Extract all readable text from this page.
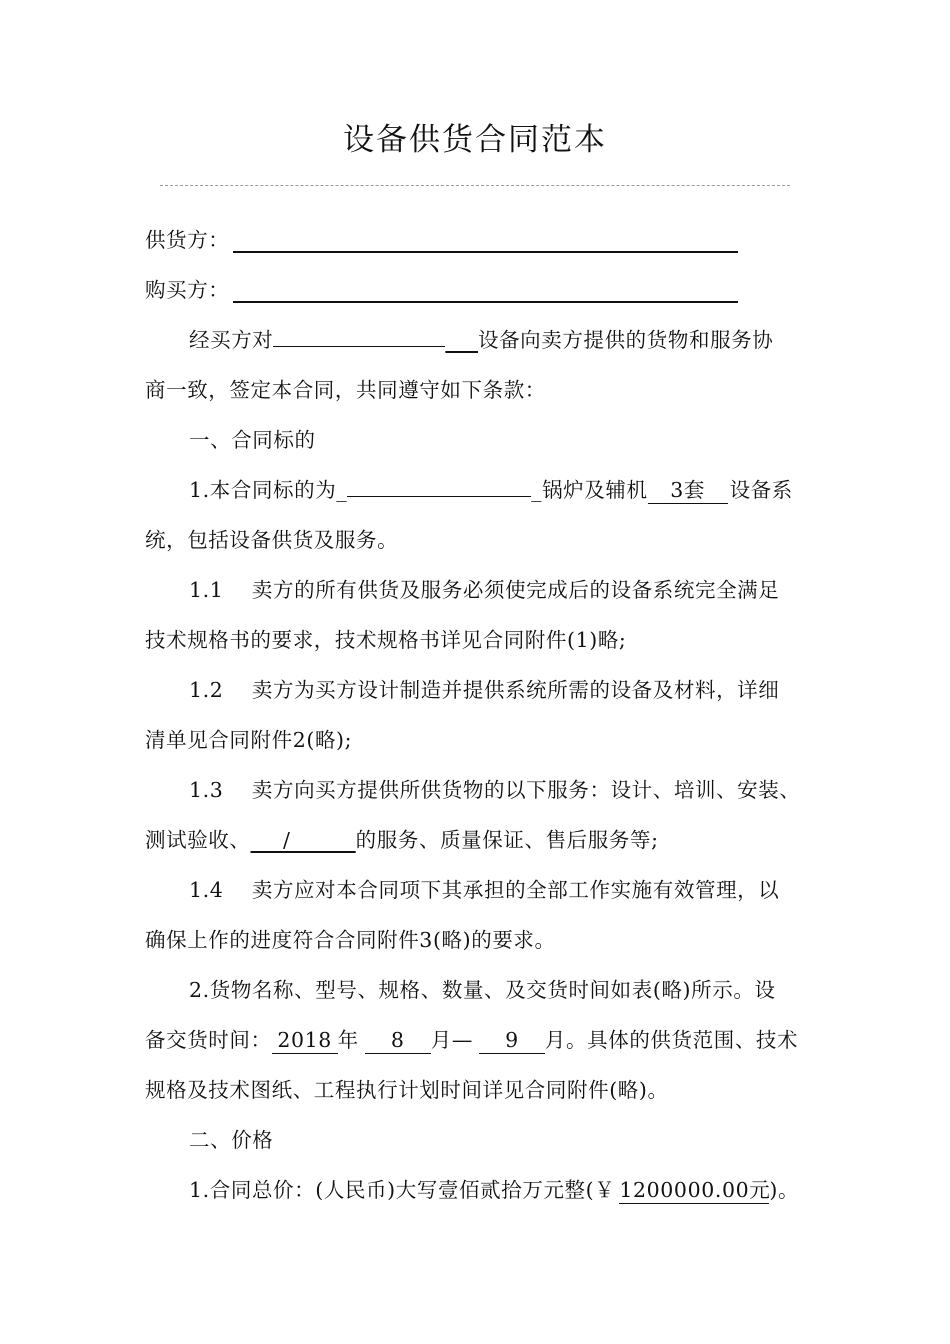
设备供货合同范本
供货方：
购买方：
经买方对	___设备向卖方提供的货物和服务协
商一致，签定本合同，共同遵守如下条款：
一、合同标的
1.本合同标的为_	_锅炉及辅机 3套 设备系
统，包括设备供货及服务。
1.1    卖方的所有供货及服务必须使完成后的设备系统完全满足
技术规格书的要求，技术规格书详见合同附件(1)略;
1.2    卖方为买方设计制造并提供系统所需的设备及材料，详细
清单见合同附件2(略);
1.3    卖方向买方提供所供货物的以下服务：设计、培训、安装、
测试验收、___/______的服务、质量保证、售后服务等;
1.4    卖方应对本合同项下其承担的全部工作实施有效管理，以
确保上作的进度符合合同附件3(略)的要求。
2.货物名称、型号、规格、数量、及交货时间如表(略)所示。设
备交货时间： 2018 年 8 月— 9 月。具体的供货范围、技术
规格及技术图纸、工程执行计划时间详见合同附件(略)。
二、价格
1.合同总价：(人民币)大写壹佰贰拾万元整(￥ 1200000.00元)。
